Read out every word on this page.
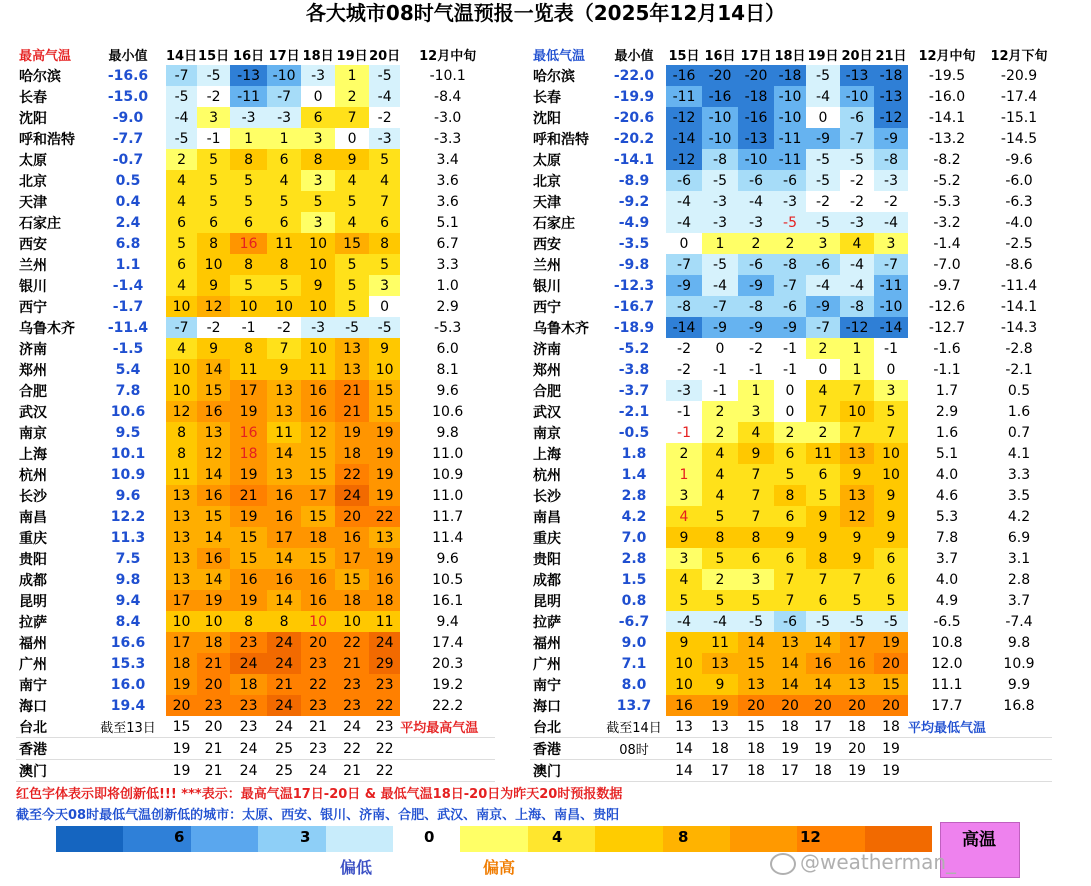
各大城市08时气温预报一览表（2025年12月14日）
最高气温	最小值	14日	15日	16日	17日	18日	19日	20日	12月中旬
哈尔滨	-16.6	-7	-5	-13	-10	-3	1	-5	-10.1
长春	-15.0	-5	-2	-11	-7	0	2	-4	-8.4
沈阳	-9.0	-4	3	-3	-3	6	7	-2	-3.0
呼和浩特	-7.7	-5	-1	1	1	3	0	-3	-3.3
太原	-0.7	2	5	8	6	8	9	5	3.4
北京	0.5	4	5	5	4	3	4	4	3.6
天津	0.4	4	5	5	5	5	5	7	3.6
石家庄	2.4	6	6	6	6	3	4	6	5.1
西安	6.8	5	8	16	11	10	15	8	6.7
兰州	1.1	6	10	8	8	10	5	5	3.3
银川	-1.4	4	9	5	5	9	5	3	1.0
西宁	-1.7	10	12	10	10	10	5	0	2.9
乌鲁木齐	-11.4	-7	-2	-1	-2	-3	-5	-5	-5.3
济南	-1.5	4	9	8	7	10	13	9	6.0
郑州	5.4	10	14	11	9	11	13	10	8.1
合肥	7.8	10	15	17	13	16	21	15	9.6
武汉	10.6	12	16	19	13	16	21	15	10.6
南京	9.5	8	13	16	11	12	19	19	9.8
上海	10.1	8	12	18	14	15	18	19	11.0
杭州	10.9	11	14	19	13	15	22	19	10.9
长沙	9.6	13	16	21	16	17	24	19	11.0
南昌	12.2	13	15	19	16	15	20	22	11.7
重庆	11.3	13	14	15	17	18	16	13	11.4
贵阳	7.5	13	16	15	14	15	17	19	9.6
成都	9.8	13	14	16	16	16	15	16	10.5
昆明	9.4	17	19	19	14	16	18	18	16.1
拉萨	8.4	10	10	8	8	10	10	11	9.4
福州	16.6	17	18	23	24	20	22	24	17.4
广州	15.3	18	21	24	24	23	21	29	20.3
南宁	16.0	19	20	18	21	22	23	23	19.2
海口	19.4	20	23	23	24	23	23	22	22.2
台北	截至13日	15	20	23	24	21	24	23	平均最高气温
香港		19	21	24	25	23	22	22	
澳门		19	21	24	25	24	21	22	
最低气温	最小值	15日	16日	17日	18日	19日	20日	21日	12月中旬	12月下旬
哈尔滨	-22.0	-16	-20	-20	-18	-5	-13	-18	-19.5	-20.9
长春	-19.9	-11	-16	-18	-10	-4	-10	-13	-16.0	-17.4
沈阳	-20.6	-12	-10	-16	-10	0	-6	-12	-14.1	-15.1
呼和浩特	-20.2	-14	-10	-13	-11	-9	-7	-9	-13.2	-14.5
太原	-14.1	-12	-8	-10	-11	-5	-5	-8	-8.2	-9.6
北京	-8.9	-6	-5	-6	-6	-5	-2	-3	-5.2	-6.0
天津	-9.2	-4	-3	-4	-3	-2	-2	-2	-5.3	-6.3
石家庄	-4.9	-4	-3	-3	-5	-5	-3	-4	-3.2	-4.0
西安	-3.5	0	1	2	2	3	4	3	-1.4	-2.5
兰州	-9.8	-7	-5	-6	-8	-6	-4	-7	-7.0	-8.6
银川	-12.3	-9	-4	-9	-7	-4	-4	-11	-9.7	-11.4
西宁	-16.7	-8	-7	-8	-6	-9	-8	-10	-12.6	-14.1
乌鲁木齐	-18.9	-14	-9	-9	-9	-7	-12	-14	-12.7	-14.3
济南	-5.2	-2	0	-2	-1	2	1	-1	-1.6	-2.8
郑州	-3.8	-2	-1	-1	-1	0	1	0	-1.1	-2.1
合肥	-3.7	-3	-1	1	0	4	7	3	1.7	0.5
武汉	-2.1	-1	2	3	0	7	10	5	2.9	1.6
南京	-0.5	-1	2	4	2	2	7	7	1.6	0.7
上海	1.8	2	4	9	6	11	13	10	5.1	4.1
杭州	1.4	1	4	7	5	6	9	10	4.0	3.3
长沙	2.8	3	4	7	8	5	13	9	4.6	3.5
南昌	4.2	4	5	7	6	9	12	9	5.3	4.2
重庆	7.0	9	8	8	9	9	9	9	7.8	6.9
贵阳	2.8	3	5	6	6	8	9	6	3.7	3.1
成都	1.5	4	2	3	7	7	7	6	4.0	2.8
昆明	0.8	5	5	5	7	6	5	5	4.9	3.7
拉萨	-6.7	-4	-4	-5	-6	-5	-5	-5	-6.5	-7.4
福州	9.0	9	11	14	13	14	17	19	10.8	9.8
广州	7.1	10	13	15	14	16	16	20	12.0	10.9
南宁	8.0	10	9	13	14	14	13	15	11.1	9.9
海口	13.7	16	19	20	20	20	20	20	17.7	16.8
台北	截至14日	13	13	15	18	17	18	18	平均最低气温	
香港	08时	14	18	18	19	19	20	19		
澳门		14	17	18	17	18	19	19		
红色字体表示即将创新低!!! ***表示：最高气温17日-20日 & 最低气温18日-20日为昨天20时预报数据
截至今天08时最低气温创新低的城市：太原、西安、银川、济南、合肥、武汉、南京、上海、南昌、贵阳
6	3	0	4	8	12	高温
偏低	偏高	@weatherman_
